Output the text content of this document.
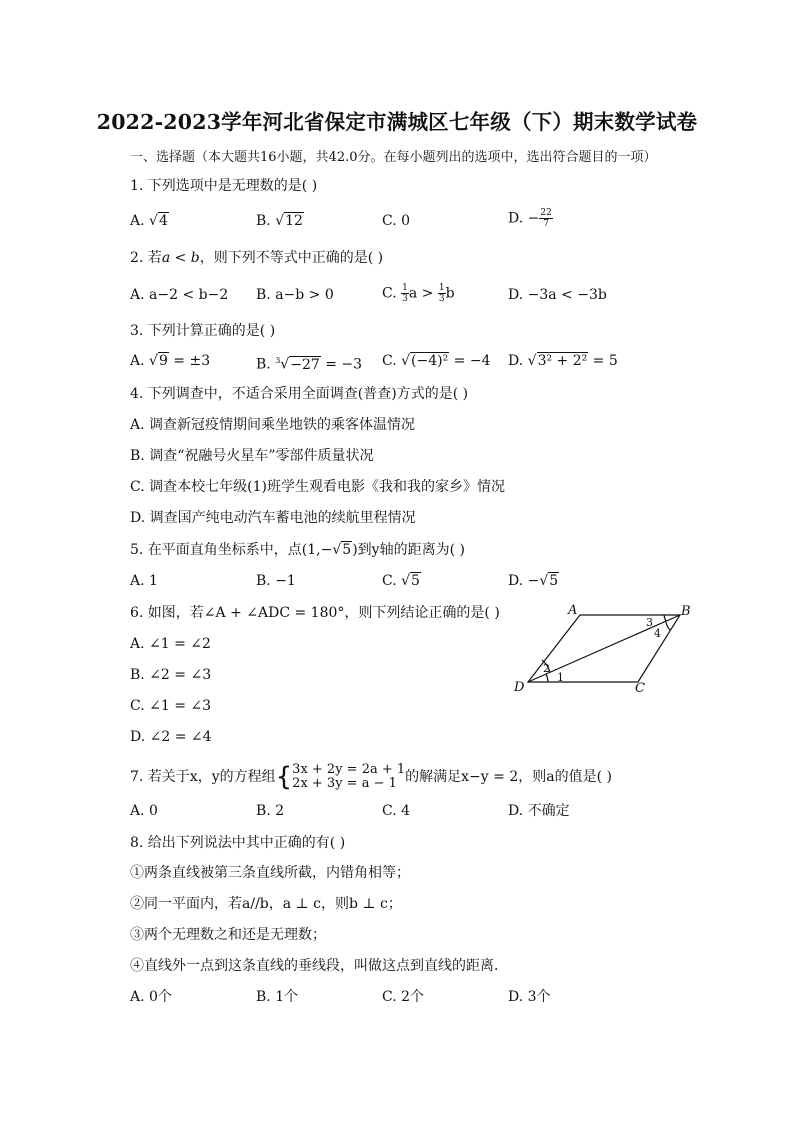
2022-2023学年河北省保定市满城区七年级（下）期末数学试卷
一、选择题（本大题共16小题，共42.0分。在每小题列出的选项中，选出符合题目的一项）
1. 下列选项中是无理数的是( )
A. √4	B. √12	C. 0	D. − $\frac{22}{7}$
2. 若a < b，则下列不等式中正确的是( )
A. a−2 < b−2 B. a−b > 0	C. $\frac{1}{3}$ $a > \frac{1}{3}$ b	D. −3a < −3b
3. 下列计算正确的是( )
A. √9 = ±3	B. $^3$√−27 = −3 C. √(−4)² = −4 D. √3² + 2² = 5
4. 下列调查中，不适合采用全面调查(普查)方式的是( )
A. 调查新冠疫情期间乘坐地铁的乘客体温情况
B. 调查“祝融号火星车”零部件质量状况
C. 调查本校七年级(1)班学生观看电影《我和我的家乡》情况
D. 调查国产纯电动汽车蓄电池的续航里程情况
5. 在平面直角坐标系中，点(1,−√5)到y轴的距离为( )
A. 1	B. −1	C. √5	D. −√5
6. 如图，若∠A + ∠ADC = 180°，则下列结论正确的是( )
A. ∠1 = ∠2
B. ∠2 = ∠3
C. ∠1 = ∠3
D. ∠2 = ∠4
A	B
C
D
1
2
3
4
7. 若关于x，y的方程组{ 3x + 2y = 2a + 1
2x + 3y = a − 1 的解满足x−y = 2，则a的值是( )
A. 0	B. 2	C. 4	D. 不确定
8. 给出下列说法中其中正确的有( )
①两条直线被第三条直线所截，内错角相等；
②同一平面内，若a//b，a ⊥ c，则b ⊥ c；
③两个无理数之和还是无理数；
④直线外一点到这条直线的垂线段，叫做这点到直线的距离．
A. 0个	B. 1个	C. 2个	D. 3个
